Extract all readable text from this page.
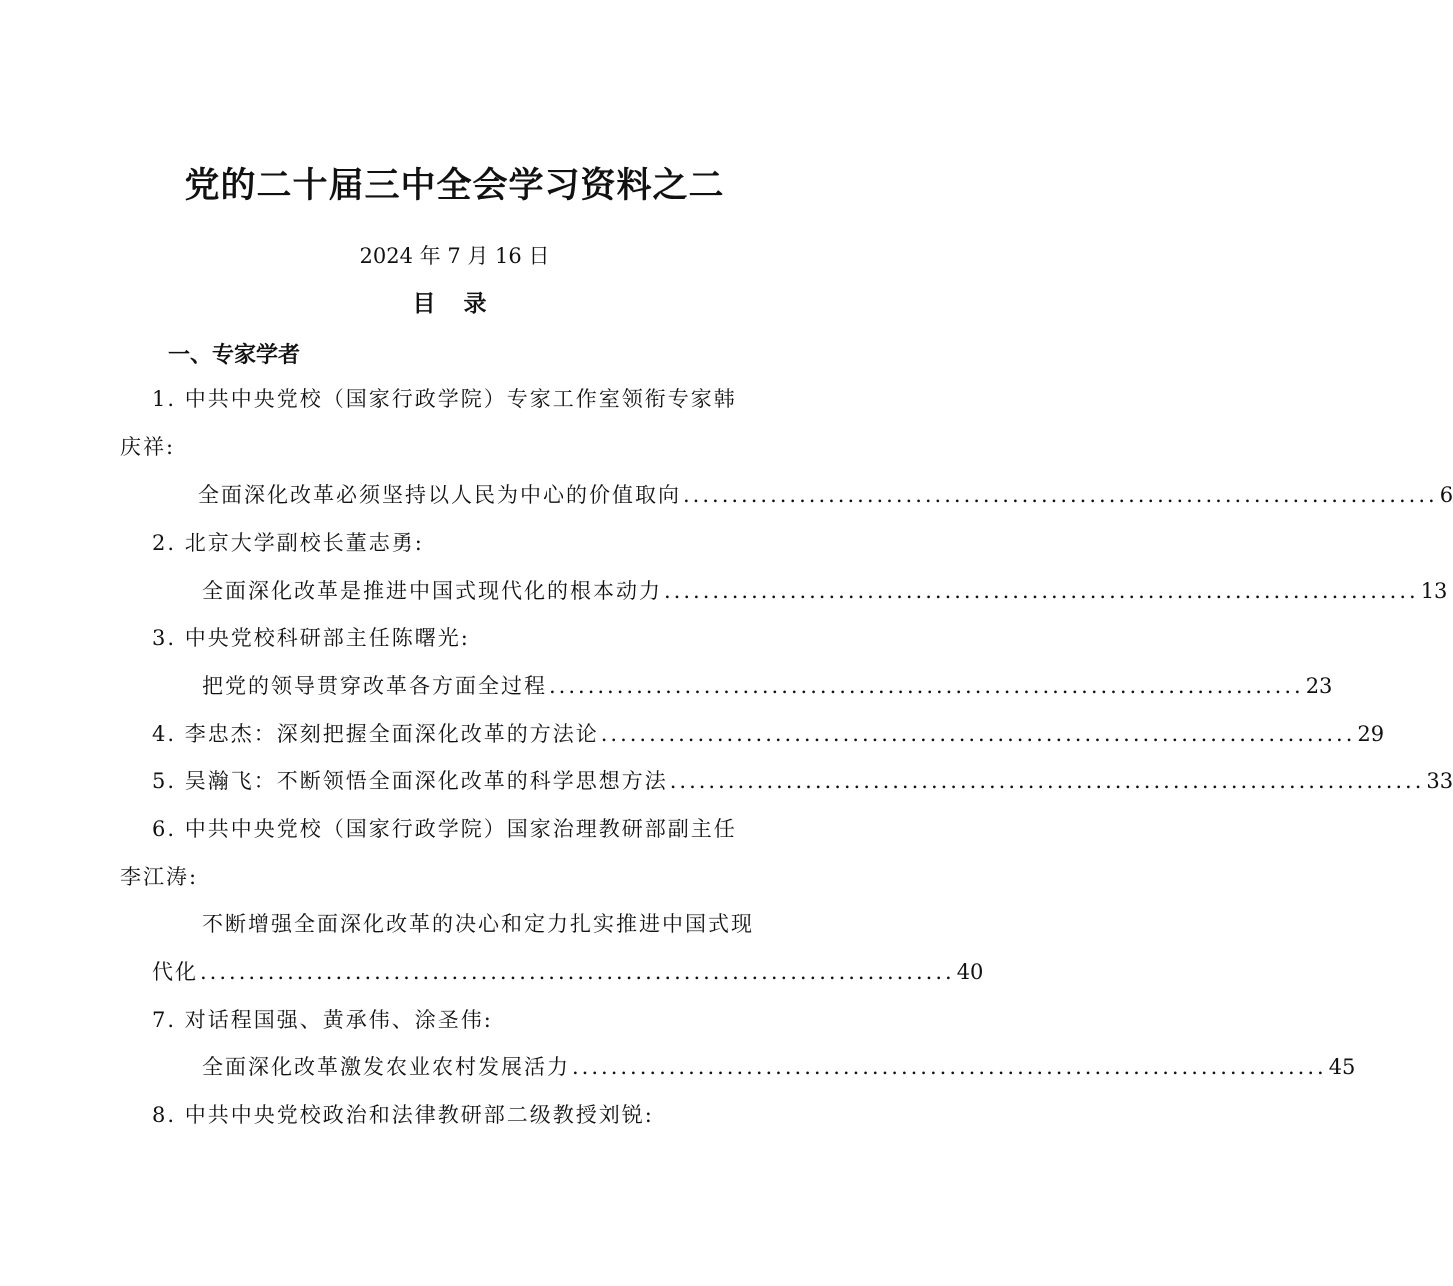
党的二十届三中全会学习资料之二
2024 年 7 月 16 日
目 录
一、专家学者
1. 中共中央党校（国家行政学院）专家工作室领衔专家韩
庆祥:
全面深化改革必须坚持以人民为中心的价值取向 .............................................................................. 6
2. 北京大学副校长董志勇:
全面深化改革是推进中国式现代化的根本动力 .............................................................................. 13
3. 中央党校科研部主任陈曙光:
把党的领导贯穿改革各方面全过程 .............................................................................. 23
4. 李忠杰：深刻把握全面深化改革的方法论 .............................................................................. 29
5. 吴瀚飞：不断领悟全面深化改革的科学思想方法 .............................................................................. 33
6. 中共中央党校（国家行政学院）国家治理教研部副主任
李江涛:
不断增强全面深化改革的决心和定力扎实推进中国式现
代化 .............................................................................. 40
7. 对话程国强、黄承伟、涂圣伟:
全面深化改革激发农业农村发展活力 .............................................................................. 45
8. 中共中央党校政治和法律教研部二级教授刘锐:
